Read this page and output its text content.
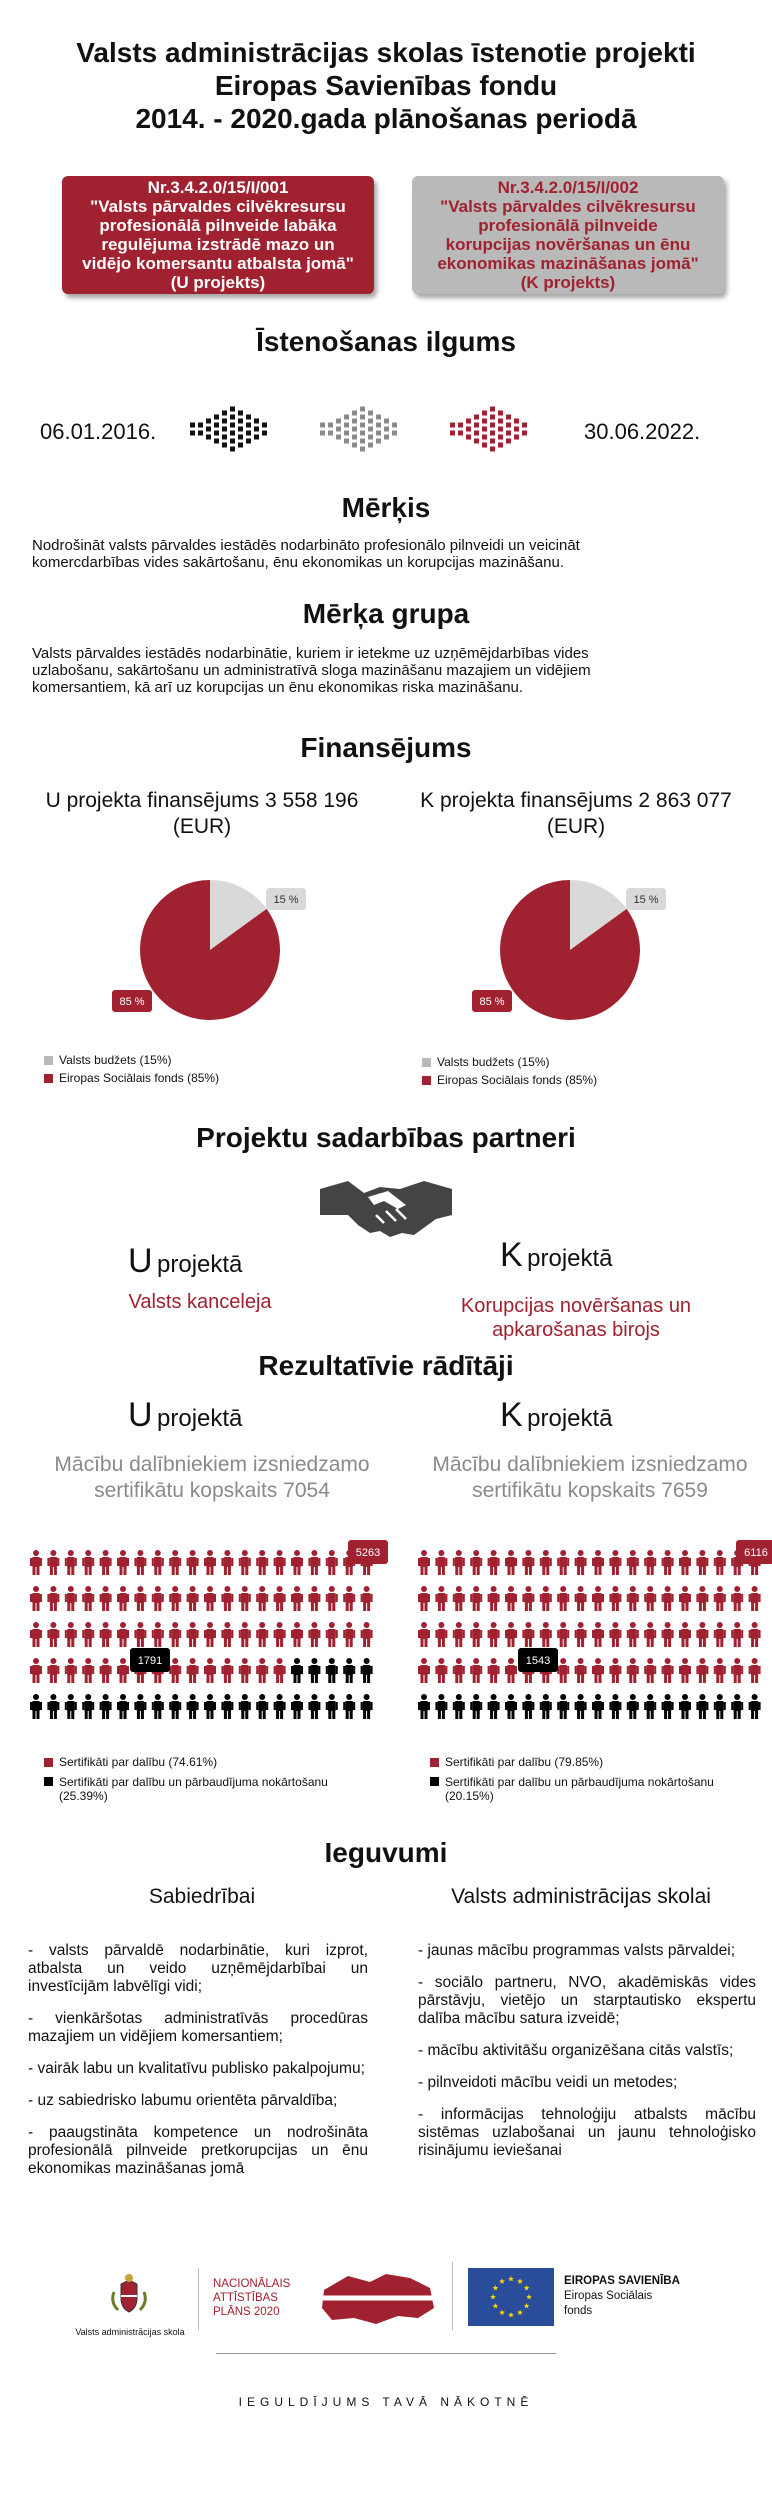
Valsts administrācijas skolas īstenotie projekti
Eiropas Savienības fondu
2014. - 2020.gada plānošanas periodā
Nr.3.4.2.0/15/I/001
"Valsts pārvaldes cilvēkresursu
profesionālā pilnveide labāka
regulējuma izstrādē mazo un
vidējo komersantu atbalsta jomā"
(U projekts)
Nr.3.4.2.0/15/I/002
"Valsts pārvaldes cilvēkresursu
profesionālā pilnveide
korupcijas novēršanas un ēnu
ekonomikas mazināšanas jomā"
(K projekts)
Īstenošanas ilgums
06.01.2016.	30.06.2022.
Mērķis
Nodrošināt valsts pārvaldes iestādēs nodarbināto profesionālo pilnveidi un veicināt
komercdarbības vides sakārtošanu, ēnu ekonomikas un korupcijas mazināšanu.
Mērķa grupa
Valsts pārvaldes iestādēs nodarbinātie, kuriem ir ietekme uz uzņēmējdarbības vides
uzlabošanu, sakārtošanu un administratīvā sloga mazināšanu mazajiem un vidējiem
komersantiem, kā arī uz korupcijas un ēnu ekonomikas riska mazināšanu.
Finansējums
U projekta finansējums 3 558 196
(EUR)
K projekta finansējums 2 863 077
(EUR)
15 %
85 %
15 %
85 %
Valsts budžets (15%)
Eiropas Sociālais fonds (85%)
Valsts budžets (15%)
Eiropas Sociālais fonds (85%)
Projektu sadarbības partneri
U projektā	K projektā
Valsts kanceleja	Korupcijas novēršanas un
apkarošanas birojs
Rezultatīvie rādītāji
U projektā	K projektā
Mācību dalībniekiem izsniedzamo
sertifikātu kopskaits 7054
Mācību dalībniekiem izsniedzamo
sertifikātu kopskaits 7659
5263
1791
6116
1543
Sertifikāti par dalību (74.61%)
Sertifikāti par dalību un pārbaudījuma nokārtošanu
(25.39%)
Sertifikāti par dalību (79.85%)
Sertifikāti par dalību un pārbaudījuma nokārtošanu
(20.15%)
Ieguvumi
Sabiedrībai	Valsts administrācijas skolai

- valsts pārvaldē nodarbinātie, kuri izprot, atbalsta un veido uzņēmējdarbībai un investīcijām labvēlīgi vidi;

- vienkāršotas administratīvās procedūras mazajiem un vidējiem komersantiem;

- vairāk labu un kvalitatīvu publisko pakalpojumu;

- uz sabiedrisko labumu orientēta pārvaldība;

- paaugstināta kompetence un nodrošināta profesionālā pilnveide pretkorupcijas un ēnu ekonomikas mazināšanas jomā

- jaunas mācību programmas valsts pārvaldei;

- sociālo partneru, NVO, akadēmiskās vides pārstāvju, vietējo un starptautisko ekspertu dalība mācību satura izveidē;

- mācību aktivitāšu organizēšana citās valstīs;

- pilnveidoti mācību veidi un metodes;

- informācijas tehnoloģiju atbalsts mācību sistēmas uzlabošanai un jaunu tehnoloģisko risinājumu ieviešanai

Valsts administrācijas skola
NACIONĀLAIS
ATTĪSTĪBAS
PLĀNS 2020
EIROPAS SAVIENĪBA
Eiropas Sociālais
fonds
IEGULDĪJUMS TAVĀ NĀKOTNĒ
